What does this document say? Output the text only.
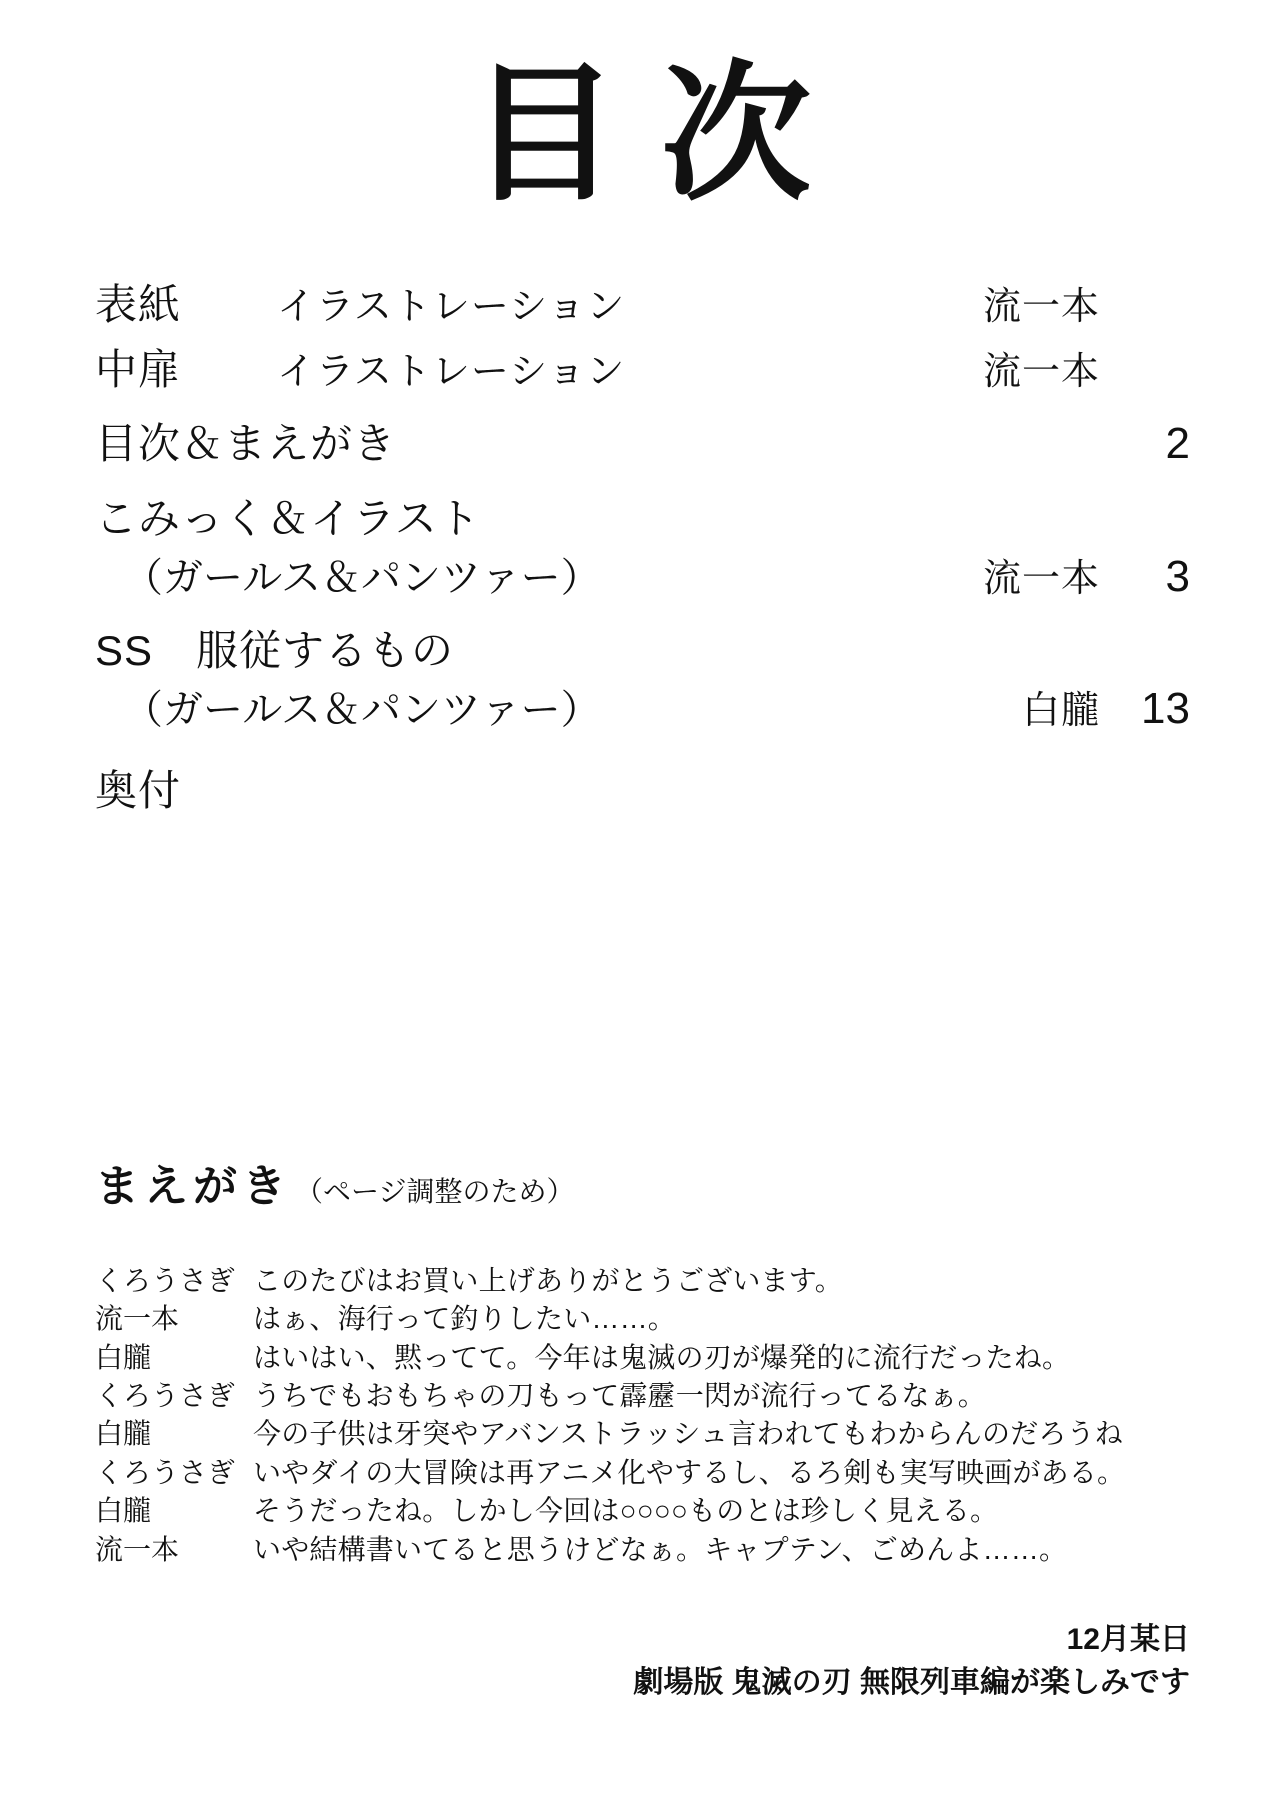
目次
表紙	イラストレーション	流一本
中扉	イラストレーション	流一本
目次＆まえがき	2
こみっく＆イラスト
（ガールス＆パンツァー）	流一本	3
SS　服従するもの
（ガールス＆パンツァー）	白朧 13
奥付
まえがき （ページ調整のため）
くろうさぎ このたびはお買い上げありがとうございます。
流一本	はぁ、海行って釣りしたい……。
白朧	はいはい、黙ってて。今年は鬼滅の刃が爆発的に流行だったね。
くろうさぎ うちでもおもちゃの刀もって霹靂一閃が流行ってるなぁ。
白朧	今の子供は牙突やアバンストラッシュ言われてもわからんのだろうね
くろうさぎ いやダイの大冒険は再アニメ化やするし、るろ剣も実写映画がある。
白朧	そうだったね。しかし今回は○○○○ものとは珍しく見える。
流一本	いや結構書いてると思うけどなぁ。キャプテン、ごめんよ……。
12月某日
劇場版 鬼滅の刃 無限列車編が楽しみです
